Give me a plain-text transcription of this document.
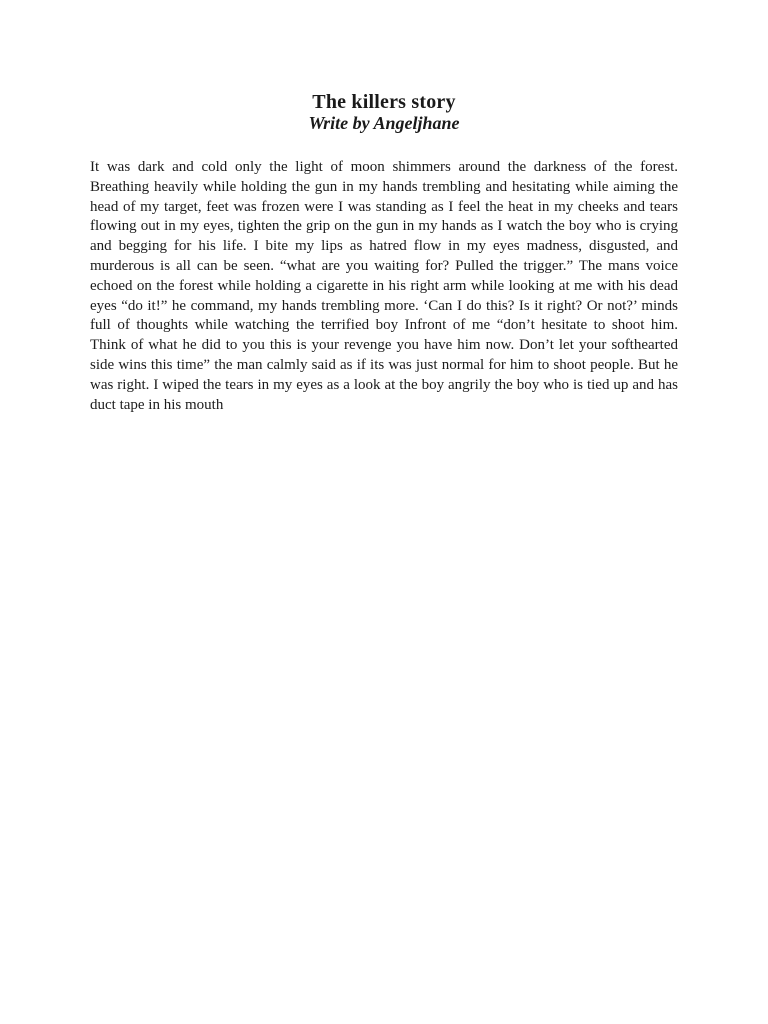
The killers story
Write by Angeljhane
It was dark and cold only the light of moon shimmers around the darkness of the forest.
Breathing heavily while holding the gun in my hands trembling and hesitating while aiming the
head of my target, feet was frozen were I was standing as I feel the heat in my cheeks and tears
flowing out in my eyes, tighten the grip on the gun in my hands as I watch the boy who is crying
and begging for his life. I bite my lips as hatred flow in my eyes madness, disgusted, and
murderous is all can be seen. “what are you waiting for? Pulled the trigger.” The mans voice
echoed on the forest while holding a cigarette in his right arm while looking at me with his dead
eyes “do it!” he command, my hands trembling more. ‘Can I do this? Is it right? Or not?’ minds
full of thoughts while watching the terrified boy Infront of me “don’t hesitate to shoot him.
Think of what he did to you this is your revenge you have him now. Don’t let your softhearted
side wins this time” the man calmly said as if its was just normal for him to shoot people. But he
was right. I wiped the tears in my eyes as a look at the boy angrily the boy who is tied up and has
duct tape in his mouth
